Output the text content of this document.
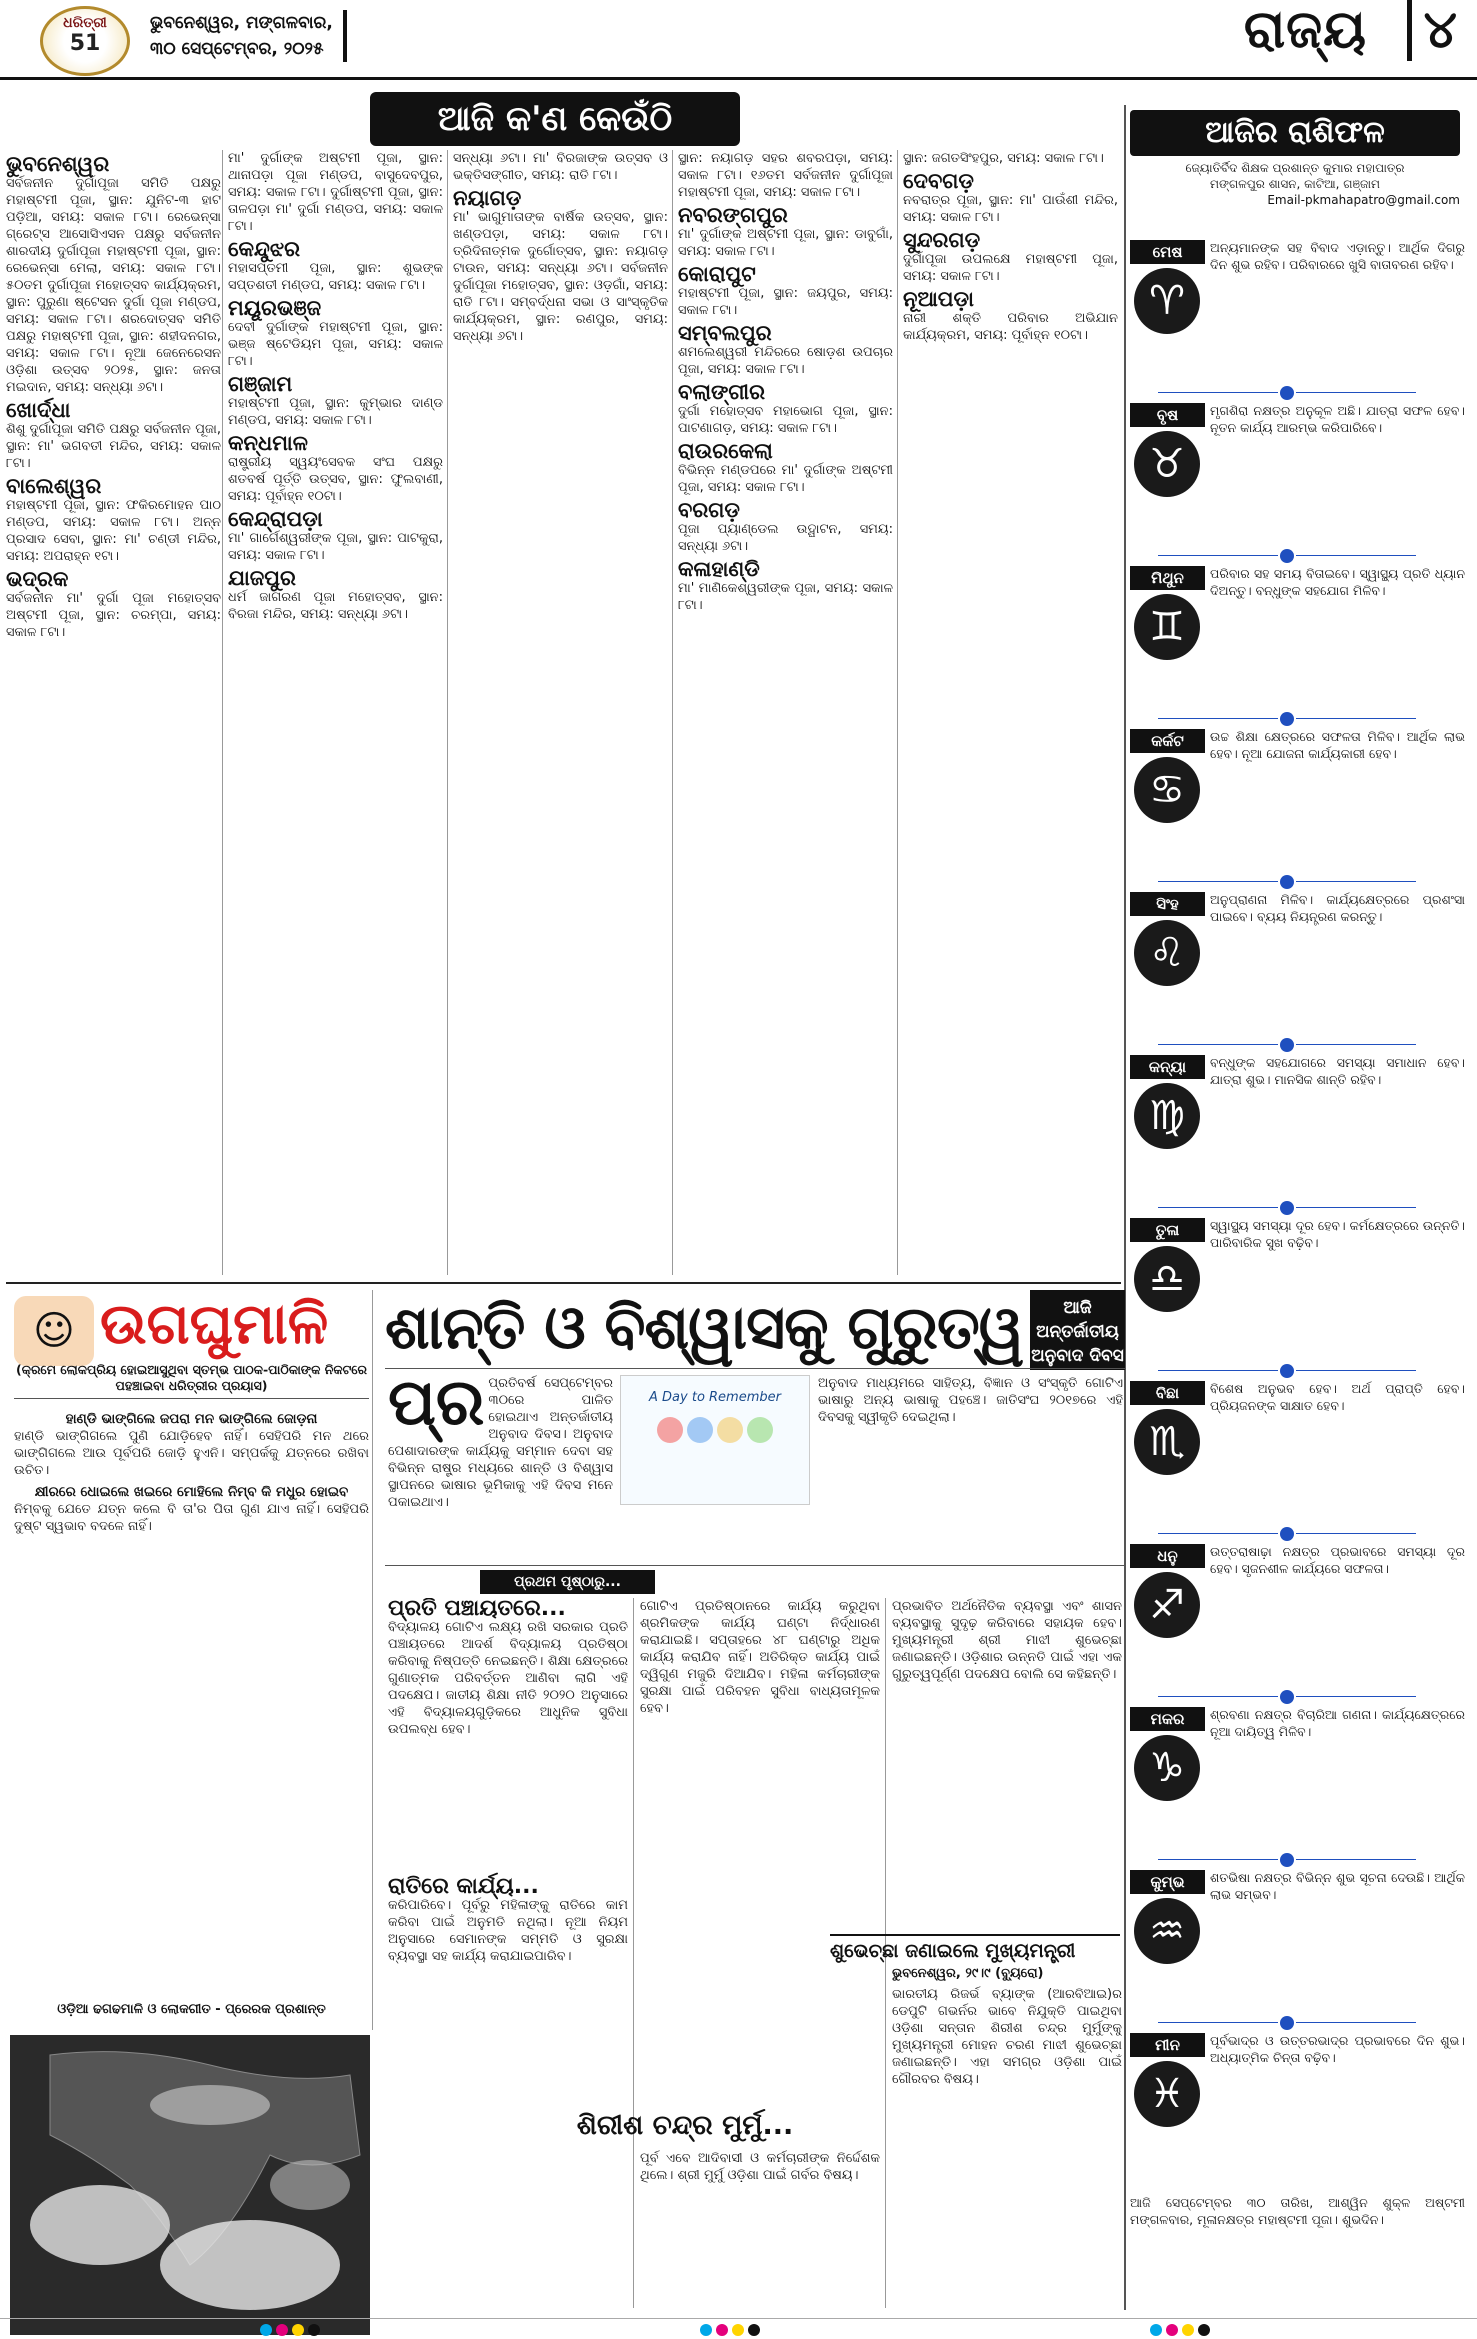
ଧରିତ୍ରୀ
51
ଭୁବନେଶ୍ୱର, ମଙ୍ଗଳବାର,
୩୦ ସେପ୍ଟେମ୍ବର, ୨୦୨୫	ରାଜ୍ୟ	୪
ଆଜି କ'ଣ କେଉଁଠି
ଭୁବନେଶ୍ୱର

ସର୍ବଜନୀନ ଦୁର୍ଗାପୂଜା ସମିତି ପକ୍ଷରୁ ମହାଷ୍ଟମୀ ପୂଜା, ସ୍ଥାନ: ଯୁନିଟ-୩ ହାଟ ପଡ଼ିଆ, ସମୟ: ସକାଳ ୮ଟା। ରେଭେନ୍ସା ଗ୍ରେଟ୍ସ ଆସୋସିଏସନ ପକ୍ଷରୁ ସର୍ବଜନୀନ ଶାରଦୀୟ ଦୁର୍ଗାପୂଜା ମହାଷ୍ଟମୀ ପୂଜା, ସ୍ଥାନ: ରେଭେନ୍ସା ମେଲା, ସମୟ: ସକାଳ ୮ଟା। ୫୦ତମ ଦୁର୍ଗାପୂଜା ମହୋତ୍ସବ କାର୍ଯ୍ୟକ୍ରମ, ସ୍ଥାନ: ପୁରୁଣା ଷ୍ଟେସନ ଦୁର୍ଗା ପୂଜା ମଣ୍ଡପ, ସମୟ: ସକାଳ ୮ଟା। ଶରଦୋତ୍ସବ ସମିତି ପକ୍ଷରୁ ମହାଷ୍ଟମୀ ପୂଜା, ସ୍ଥାନ: ଶହୀଦନଗର, ସମୟ: ସକାଳ ୮ଟା। ନୂଆ ଜେନେରେସନ ଓଡ଼ିଶା ଉତ୍ସବ ୨୦୨୫, ସ୍ଥାନ: ଜନତା ମଇଦାନ, ସମୟ: ସନ୍ଧ୍ୟା ୬ଟା।

ଖୋର୍ଦ୍ଧା

ଶିଶୁ ଦୁର୍ଗାପୂଜା ସମିତି ପକ୍ଷରୁ ସର୍ବଜନୀନ ପୂଜା, ସ୍ଥାନ: ମା' ଭଗବତୀ ମନ୍ଦିର, ସମୟ: ସକାଳ ୮ଟା।

ବାଲେଶ୍ୱର

ମହାଷ୍ଟମୀ ପୂଜା, ସ୍ଥାନ: ଫକିରମୋହନ ପାଠ ମଣ୍ଡପ, ସମୟ: ସକାଳ ୮ଟା। ଅନ୍ନ ପ୍ରସାଦ ସେବା, ସ୍ଥାନ: ମା' ଚଣ୍ଡୀ ମନ୍ଦିର, ସମୟ: ଅପରାହ୍ନ ୧ଟା।

ଭଦ୍ରକ

ସର୍ବଜନୀନ ମା' ଦୁର୍ଗା ପୂଜା ମହୋତ୍ସବ ଅଷ୍ଟମୀ ପୂଜା, ସ୍ଥାନ: ଚରମ୍ପା, ସମୟ: ସକାଳ ୮ଟା।

ମା' ଦୁର୍ଗାଙ୍କ ଅଷ୍ଟମୀ ପୂଜା, ସ୍ଥାନ: ଥାନାପଡ଼ା ପୂଜା ମଣ୍ଡପ, ବାସୁଦେବପୁର, ସମୟ: ସକାଳ ୮ଟା। ଦୁର୍ଗାଷ୍ଟମୀ ପୂଜା, ସ୍ଥାନ: ତାଳପଡ଼ା ମା' ଦୁର୍ଗା ମଣ୍ଡପ, ସମୟ: ସକାଳ ୮ଟା।

କେନ୍ଦୁଝର

ମହାସପ୍ତମୀ ପୂଜା, ସ୍ଥାନ: ଶୁଭଙ୍କ ସପ୍ତଶତୀ ମଣ୍ଡପ, ସମୟ: ସକାଳ ୮ଟା।

ମୟୂରଭଞ୍ଜ

ଦେବୀ ଦୁର୍ଗାଙ୍କ ମହାଷ୍ଟମୀ ପୂଜା, ସ୍ଥାନ: ଭଞ୍ଜ ଷ୍ଟେଡିୟମ ପୂଜା, ସମୟ: ସକାଳ ୮ଟା।

ଗଞ୍ଜାମ

ମହାଷ୍ଟମୀ ପୂଜା, ସ୍ଥାନ: କୁମ୍ଭାର ଦାଣ୍ଡ ମଣ୍ଡପ, ସମୟ: ସକାଳ ୮ଟା।

କନ୍ଧମାଳ

ରାଷ୍ଟ୍ରୀୟ ସ୍ୱୟଂସେବକ ସଂଘ ପକ୍ଷରୁ ଶତବର୍ଷ ପୂର୍ତ୍ତି ଉତ୍ସବ, ସ୍ଥାନ: ଫୁଲବାଣୀ, ସମୟ: ପୂର୍ବାହ୍ନ ୧୦ଟା।

କେନ୍ଦ୍ରାପଡ଼ା

ମା' ଗାର୍ଗେଶ୍ୱରୀଙ୍କ ପୂଜା, ସ୍ଥାନ: ପାଟକୁରା, ସମୟ: ସକାଳ ୮ଟା।

ଯାଜପୁର

ଧର୍ମ ଜାଗରଣ ପୂଜା ମହୋତ୍ସବ, ସ୍ଥାନ: ବିରଜା ମନ୍ଦିର, ସମୟ: ସନ୍ଧ୍ୟା ୬ଟା।

ସନ୍ଧ୍ୟା ୬ଟା। ମା' ବିରଜାଙ୍କ ଉତ୍ସବ ଓ ଭକ୍ତିସଙ୍ଗୀତ, ସମୟ: ରାତି ୮ଟା।

ନୟାଗଡ଼

ମା' ଭାଗୁମାତାଙ୍କ ବାର୍ଷିକ ଉତ୍ସବ, ସ୍ଥାନ: ଖଣ୍ଡପଡ଼ା, ସମୟ: ସକାଳ ୮ଟା। ତ୍ରିଦିନାତ୍ମକ ଦୁର୍ଗୋତ୍ସବ, ସ୍ଥାନ: ନୟାଗଡ଼ ଟାଉନ, ସମୟ: ସନ୍ଧ୍ୟା ୬ଟା। ସର୍ବଜନୀନ ଦୁର୍ଗାପୂଜା ମହୋତ୍ସବ, ସ୍ଥାନ: ଓଡ଼ଗାଁ, ସମୟ: ରାତି ୮ଟା। ସମ୍ବର୍ଦ୍ଧନା ସଭା ଓ ସାଂସ୍କୃତିକ କାର୍ଯ୍ୟକ୍ରମ, ସ୍ଥାନ: ରଣପୁର, ସମୟ: ସନ୍ଧ୍ୟା ୬ଟା।

ସ୍ଥାନ: ନୟାଗଡ଼ ସହର ଶବରପଡ଼ା, ସମୟ: ସକାଳ ୮ଟା। ୧୬ତମ ସର୍ବଜନୀନ ଦୁର୍ଗାପୂଜା ମହାଷ୍ଟମୀ ପୂଜା, ସମୟ: ସକାଳ ୮ଟା।

ନବରଙ୍ଗପୁର

ମା' ଦୁର୍ଗାଙ୍କ ଅଷ୍ଟମୀ ପୂଜା, ସ୍ଥାନ: ଡାବୁଗାଁ, ସମୟ: ସକାଳ ୮ଟା।

କୋରାପୁଟ

ମହାଷ୍ଟମୀ ପୂଜା, ସ୍ଥାନ: ଜୟପୁର, ସମୟ: ସକାଳ ୮ଟା।

ସମ୍ବଲପୁର

ଶମଲେଶ୍ୱରୀ ମନ୍ଦିରରେ ଷୋଡ଼ଶ ଉପଚାର ପୂଜା, ସମୟ: ସକାଳ ୮ଟା।

ବଲାଙ୍ଗୀର

ଦୁର୍ଗା ମହୋତ୍ସବ ମହାଭୋଗ ପୂଜା, ସ୍ଥାନ: ପାଟଣାଗଡ଼, ସମୟ: ସକାଳ ୮ଟା।

ରାଉରକେଲା

ବିଭିନ୍ନ ମଣ୍ଡପରେ ମା' ଦୁର୍ଗାଙ୍କ ଅଷ୍ଟମୀ ପୂଜା, ସମୟ: ସକାଳ ୮ଟା।

ବରଗଡ଼

ପୂଜା ପ୍ୟାଣ୍ଡେଲ ଉଦ୍ଘାଟନ, ସମୟ: ସନ୍ଧ୍ୟା ୬ଟା।

କଳାହାଣ୍ଡି

ମା' ମାଣିକେଶ୍ୱରୀଙ୍କ ପୂଜା, ସମୟ: ସକାଳ ୮ଟା।

ସ୍ଥାନ: ଜଗତସିଂହପୁର, ସମୟ: ସକାଳ ୮ଟା।

ଦେବଗଡ଼

ନବରାତ୍ର ପୂଜା, ସ୍ଥାନ: ମା' ପାଉଁଶୀ ମନ୍ଦିର, ସମୟ: ସକାଳ ୮ଟା।

ସୁନ୍ଦରଗଡ଼

ଦୁର୍ଗାପୂଜା ଉପଲକ୍ଷେ ମହାଷ୍ଟମୀ ପୂଜା, ସମୟ: ସକାଳ ୮ଟା।

ନୂଆପଡ଼ା

ନାରୀ ଶକ୍ତି ପରିବାର ଅଭିଯାନ କାର୍ଯ୍ୟକ୍ରମ, ସମୟ: ପୂର୍ବାହ୍ନ ୧୦ଟା।

ଆଜିର ରାଶିଫଳ
ଜ୍ୟୋତିର୍ବିଦ ଶିକ୍ଷକ ପ୍ରଶାନ୍ତ କୁମାର ମହାପାତ୍ର
ମଙ୍ଗଳପୁର ଶାସନ, କାଟିଆ, ଗଞ୍ଜାମ
Email-pkmahapatro@gmail.com
ମେଷ
♈
ଅନ୍ୟମାନଙ୍କ ସହ ବିବାଦ ଏଡ଼ାନ୍ତୁ। ଆର୍ଥିକ ଦିଗରୁ ଦିନ ଶୁଭ ରହିବ। ପରିବାରରେ ଖୁସି ବାତାବରଣ ରହିବ।
ବୃଷ
♉
ମୃଗଶିରା ନକ୍ଷତ୍ର ଅନୁକୂଳ ଅଛି। ଯାତ୍ରା ସଫଳ ହେବ। ନୂତନ କାର୍ଯ୍ୟ ଆରମ୍ଭ କରିପାରିବେ।
ମିଥୁନ
♊
ପରିବାର ସହ ସମୟ ବିତାଇବେ। ସ୍ୱାସ୍ଥ୍ୟ ପ୍ରତି ଧ୍ୟାନ ଦିଅନ୍ତୁ। ବନ୍ଧୁଙ୍କ ସହଯୋଗ ମିଳିବ।
କର୍କଟ
♋
ଉଚ୍ଚ ଶିକ୍ଷା କ୍ଷେତ୍ରରେ ସଫଳତା ମିଳିବ। ଆର୍ଥିକ ଲାଭ ହେବ। ନୂଆ ଯୋଜନା କାର୍ଯ୍ୟକାରୀ ହେବ।
ସିଂହ
♌
ଅନୁପ୍ରାଣନା ମିଳିବ। କାର୍ଯ୍ୟକ୍ଷେତ୍ରରେ ପ୍ରଶଂସା ପାଇବେ। ବ୍ୟୟ ନିୟନ୍ତ୍ରଣ କରନ୍ତୁ।
କନ୍ୟା
♍
ବନ୍ଧୁଙ୍କ ସହଯୋଗରେ ସମସ୍ୟା ସମାଧାନ ହେବ। ଯାତ୍ରା ଶୁଭ। ମାନସିକ ଶାନ୍ତି ରହିବ।
ତୁଳା
♎
ସ୍ୱାସ୍ଥ୍ୟ ସମସ୍ୟା ଦୂର ହେବ। କର୍ମକ୍ଷେତ୍ରରେ ଉନ୍ନତି। ପାରିବାରିକ ସୁଖ ବଢ଼ିବ।
ବିଛା
♏
ବିଶେଷ ଅନୁଭବ ହେବ। ଅର୍ଥ ପ୍ରାପ୍ତି ହେବ। ପ୍ରିୟଜନଙ୍କ ସାକ୍ଷାତ ହେବ।
ଧନୁ
♐
ଉତ୍ତରାଷାଢ଼ା ନକ୍ଷତ୍ର ପ୍ରଭାବରେ ସମସ୍ୟା ଦୂର ହେବ। ସୃଜନଶୀଳ କାର୍ଯ୍ୟରେ ସଫଳତା।
ମକର
♑
ଶ୍ରବଣା ନକ୍ଷତ୍ର ବିଚାରିଆ ଗଣନା। କାର୍ଯ୍ୟକ୍ଷେତ୍ରରେ ନୂଆ ଦାୟିତ୍ୱ ମିଳିବ।
କୁମ୍ଭ
♒
ଶତଭିଷା ନକ୍ଷତ୍ର ବିଭିନ୍ନ ଶୁଭ ସୂଚନା ଦେଉଛି। ଆର୍ଥିକ ଲାଭ ସମ୍ଭବ।
ମୀନ
♓
ପୂର୍ବଭାଦ୍ର ଓ ଉତ୍ତରଭାଦ୍ର ପ୍ରଭାବରେ ଦିନ ଶୁଭ। ଅଧ୍ୟାତ୍ମିକ ଚିନ୍ତା ବଢ଼ିବ।
ଆଜି ସେପ୍ଟେମ୍ବର ୩୦ ତାରିଖ, ଆଶ୍ୱିନ ଶୁକ୍ଳ ଅଷ୍ଟମୀ ମଙ୍ଗଳବାର, ମୂଳାନକ୍ଷତ୍ର ମହାଷ୍ଟମୀ ପୂଜା। ଶୁଭଦିନ।
☺ ଉଗଘୁମାଳି
(କ୍ରମେ ଲୋକପ୍ରିୟ ହୋଇଆସୁଥିବା ସ୍ତମ୍ଭ ପାଠକ-ପାଠିକାଙ୍କ ନିକଟରେ ପହଞ୍ଚାଇବା ଧରିତ୍ରୀର ପ୍ରୟାସ)
ହାଣ୍ଡି ଭାଙ୍ଗିଲେ ଜପରା ମନ ଭାଙ୍ଗିଲେ ଜୋଡ଼ନା

ହାଣ୍ଡି ଭାଙ୍ଗିଗଲେ ପୁଣି ଯୋଡ଼ିହେବ ନାହିଁ। ସେହିପରି ମନ ଥରେ ଭାଙ୍ଗିଗଲେ ଆଉ ପୂର୍ବପରି ଜୋଡ଼ି ହୁଏନି। ସମ୍ପର୍କକୁ ଯତ୍ନରେ ରଖିବା ଉଚିତ।

କ୍ଷୀରରେ ଧୋଇଲେ ଖଇରେ ମୋହିଲେ ନିମ୍ବ କି ମଧୁର ହୋଇବ

ନିମ୍ବକୁ ଯେତେ ଯତ୍ନ କଲେ ବି ତା'ର ପିତା ଗୁଣ ଯାଏ ନାହିଁ। ସେହିପରି ଦୁଷ୍ଟ ସ୍ୱଭାବ ବଦଳେ ନାହିଁ।

ଓଡ଼ିଆ ଢଗଢମାଳି ଓ ଲୋକଗୀତ - ପ୍ରେରକ ପ୍ରଶାନ୍ତ
ଶାନ୍ତି ଓ ବିଶ୍ୱାସକୁ ଗୁରୁତ୍ୱ	ଆଜି ଅନ୍ତର୍ଜାତୀୟ ଅନୁବାଦ ଦିବସ
ପ୍ର ପ୍ରତିବର୍ଷ ସେପ୍ଟେମ୍ବର ୩୦ରେ ପାଳିତ ହୋଇଥାଏ ଅନ୍ତର୍ଜାତୀୟ ଅନୁବାଦ ଦିବସ। ଅନୁବାଦ ପେଶାଦାରଙ୍କ କାର୍ଯ୍ୟକୁ ସମ୍ମାନ ଦେବା ସହ ବିଭିନ୍ନ ରାଷ୍ଟ୍ର ମଧ୍ୟରେ ଶାନ୍ତି ଓ ବିଶ୍ୱାସ ସ୍ଥାପନରେ ଭାଷାର ଭୂମିକାକୁ ଏହି ଦିବସ ମନେ ପକାଇଥାଏ।
A Day to Remember

ଅନୁବାଦ ମାଧ୍ୟମରେ ସାହିତ୍ୟ, ବିଜ୍ଞାନ ଓ ସଂସ୍କୃତି ଗୋଟିଏ ଭାଷାରୁ ଅନ୍ୟ ଭାଷାକୁ ପହଞ୍ଚେ। ଜାତିସଂଘ ୨୦୧୭ରେ ଏହି ଦିବସକୁ ସ୍ୱୀକୃତି ଦେଇଥିଲା।

ପ୍ରଥମ ପୃଷ୍ଠାରୁ...
ପ୍ରତି ପଞ୍ଚାୟତରେ...

ବିଦ୍ୟାଳୟ ଗୋଟିଏ ଲକ୍ଷ୍ୟ ରଖି ସରକାର ପ୍ରତି ପଞ୍ଚାୟତରେ ଆଦର୍ଶ ବିଦ୍ୟାଳୟ ପ୍ରତିଷ୍ଠା କରିବାକୁ ନିଷ୍ପତ୍ତି ନେଇଛନ୍ତି। ଶିକ୍ଷା କ୍ଷେତ୍ରରେ ଗୁଣାତ୍ମକ ପରିବର୍ତ୍ତନ ଆଣିବା ଲାଗି ଏହି ପଦକ୍ଷେପ। ଜାତୀୟ ଶିକ୍ଷା ନୀତି ୨୦୨୦ ଅନୁସାରେ ଏହି ବିଦ୍ୟାଳୟଗୁଡ଼ିକରେ ଆଧୁନିକ ସୁବିଧା ଉପଲବ୍ଧ ହେବ।

ରାତିରେ କାର୍ଯ୍ୟ...

କରିପାରିବେ। ପୂର୍ବରୁ ମହିଳାଙ୍କୁ ରାତିରେ କାମ କରିବା ପାଇଁ ଅନୁମତି ନଥିଲା। ନୂଆ ନିୟମ ଅନୁସାରେ ସେମାନଙ୍କ ସମ୍ମତି ଓ ସୁରକ୍ଷା ବ୍ୟବସ୍ଥା ସହ କାର୍ଯ୍ୟ କରାଯାଇପାରିବ।

ଗୋଟିଏ ପ୍ରତିଷ୍ଠାନରେ କାର୍ଯ୍ୟ କରୁଥିବା ଶ୍ରମିକଙ୍କ କାର୍ଯ୍ୟ ଘଣ୍ଟା ନିର୍ଦ୍ଧାରଣ କରାଯାଇଛି। ସପ୍ତାହରେ ୪୮ ଘଣ୍ଟାରୁ ଅଧିକ କାର୍ଯ୍ୟ କରାଯିବ ନାହିଁ। ଅତିରିକ୍ତ କାର୍ଯ୍ୟ ପାଇଁ ଦ୍ୱିଗୁଣ ମଜୁରି ଦିଆଯିବ। ମହିଳା କର୍ମଚାରୀଙ୍କ ସୁରକ୍ଷା ପାଇଁ ପରିବହନ ସୁବିଧା ବାଧ୍ୟତାମୂଳକ ହେବ।

ଶିରୀଶ ଚନ୍ଦ୍ର ମୁର୍ମୁ...

ପୂର୍ବ ଏବେ ଆଦିବାସୀ ଓ କର୍ମଚାରୀଙ୍କ ନିର୍ଦ୍ଦେଶକ ଥିଲେ। ଶ୍ରୀ ମୁର୍ମୁ ଓଡ଼ିଶା ପାଇଁ ଗର୍ବର ବିଷୟ।

ପ୍ରଭାବିତ ଅର୍ଥନୈତିକ ବ୍ୟବସ୍ଥା ଏବଂ ଶାସନ ବ୍ୟବସ୍ଥାକୁ ସୁଦୃଢ଼ କରିବାରେ ସହାୟକ ହେବ। ମୁଖ୍ୟମନ୍ତ୍ରୀ ଶ୍ରୀ ମାଝୀ ଶୁଭେଚ୍ଛା ଜଣାଇଛନ୍ତି। ଓଡ଼ିଶାର ଉନ୍ନତି ପାଇଁ ଏହା ଏକ ଗୁରୁତ୍ୱପୂର୍ଣ୍ଣ ପଦକ୍ଷେପ ବୋଲି ସେ କହିଛନ୍ତି।

ଶୁଭେଚ୍ଛା ଜଣାଇଲେ ମୁଖ୍ୟମନ୍ତ୍ରୀ

ଭୁବନେଶ୍ୱର, ୨୯।୯ (ବ୍ୟୁରୋ)

ଭାରତୀୟ ରିଜର୍ଭ ବ୍ୟାଙ୍କ (ଆରବିଆଇ)ର ଡେପୁଟି ଗଭର୍ନର ଭାବେ ନିଯୁକ୍ତି ପାଇଥିବା ଓଡ଼ିଶା ସନ୍ତାନ ଶିରୀଶ ଚନ୍ଦ୍ର ମୁର୍ମୁଙ୍କୁ ମୁଖ୍ୟମନ୍ତ୍ରୀ ମୋହନ ଚରଣ ମାଝୀ ଶୁଭେଚ୍ଛା ଜଣାଇଛନ୍ତି। ଏହା ସମଗ୍ର ଓଡ଼ିଶା ପାଇଁ ଗୌରବର ବିଷୟ।
